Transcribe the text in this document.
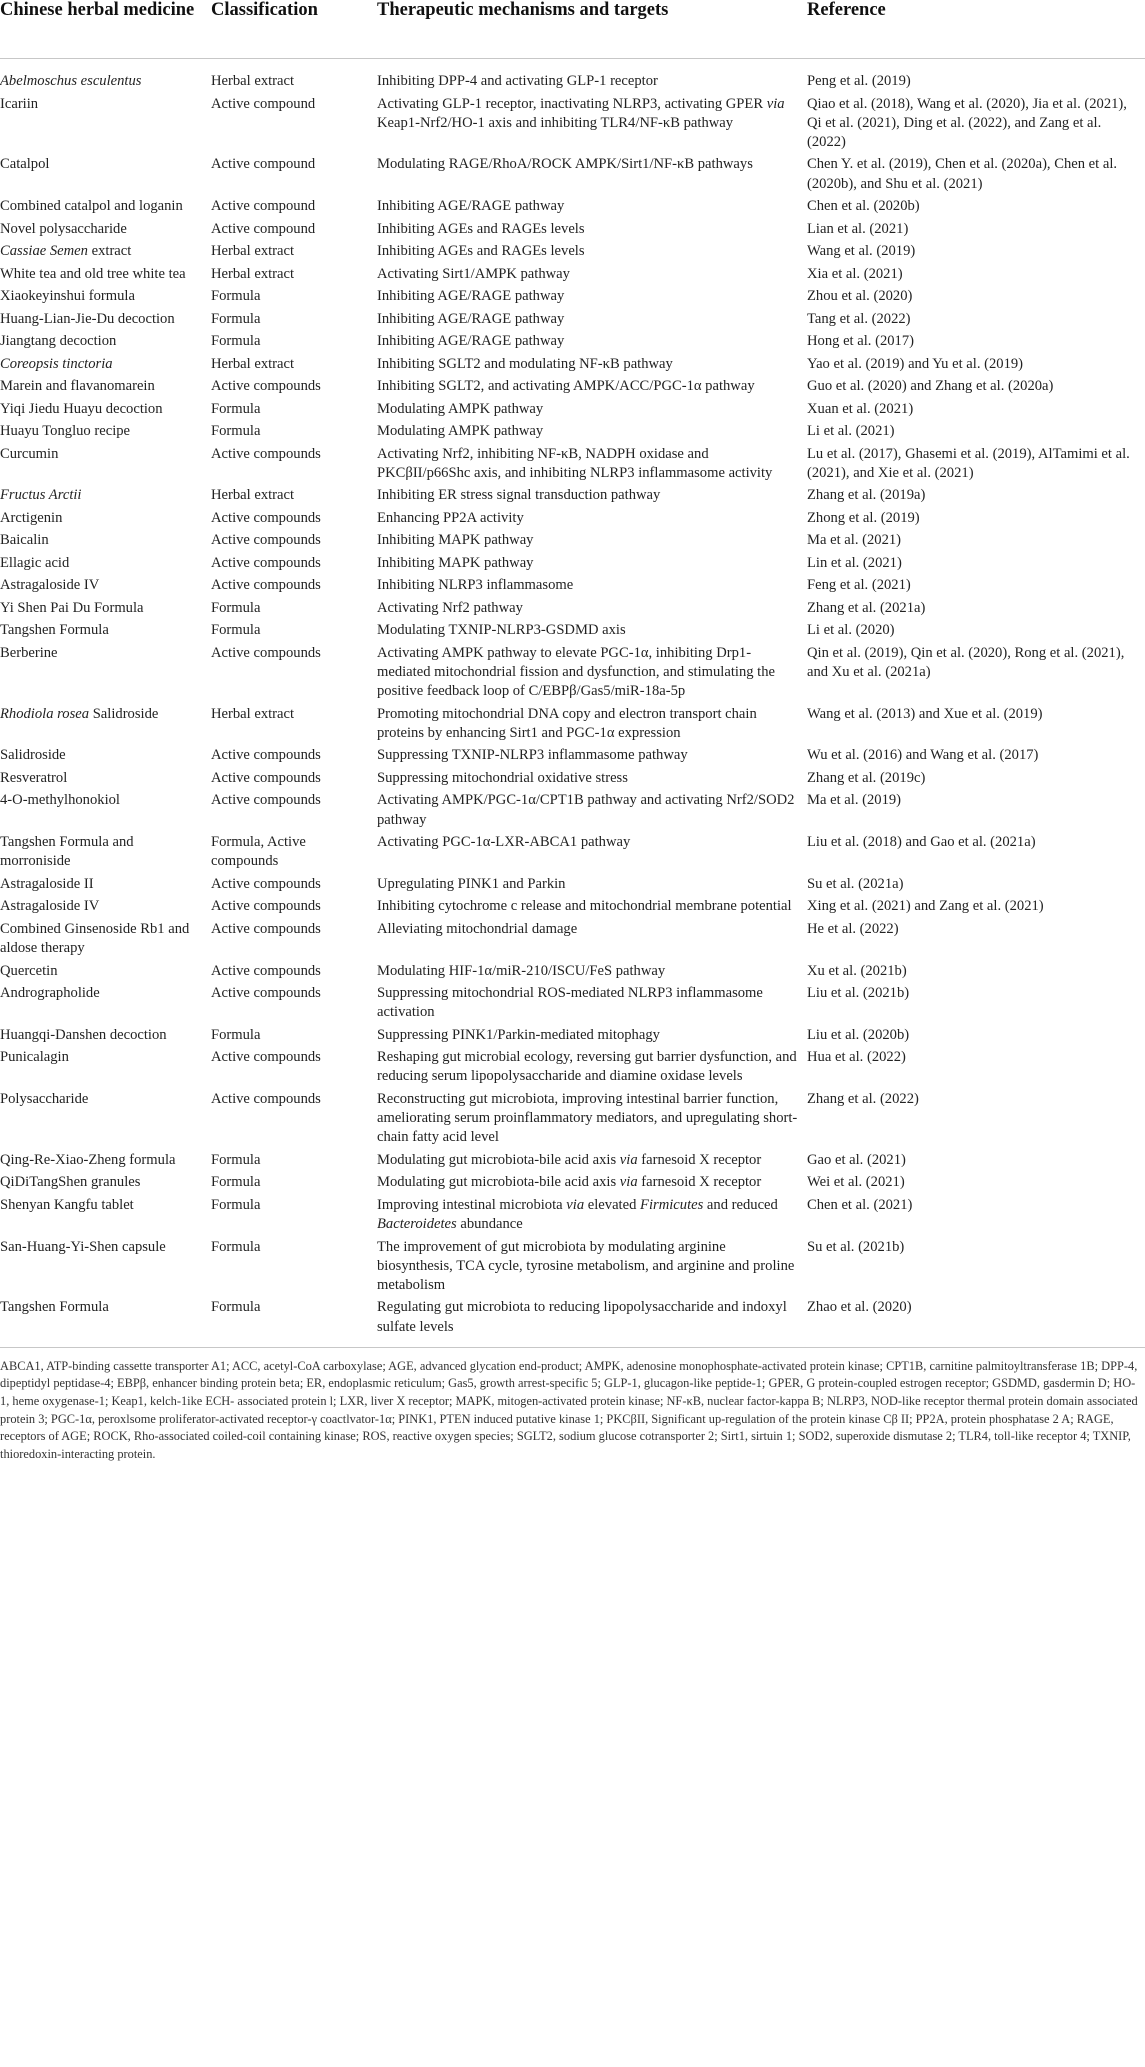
Chinese herbal medicine	Classification	Therapeutic mechanisms and targets	Reference
Abelmoschus esculentus	Herbal extract	Inhibiting DPP-4 and activating GLP-1 receptor	Peng et al. (2019)
Icariin	Active compound	Activating GLP-1 receptor, inactivating NLRP3, activating GPER via Keap1-Nrf2/HO-1 axis and inhibiting TLR4/NF-κB pathway	Qiao et al. (2018), Wang et al. (2020), Jia et al. (2021), Qi et al. (2021), Ding et al. (2022), and Zang et al. (2022)
Catalpol	Active compound	Modulating RAGE/RhoA/ROCK AMPK/Sirt1/NF-κB pathways	Chen Y. et al. (2019), Chen et al. (2020a), Chen et al. (2020b), and Shu et al. (2021)
Combined catalpol and loganin	Active compound	Inhibiting AGE/RAGE pathway	Chen et al. (2020b)
Novel polysaccharide	Active compound	Inhibiting AGEs and RAGEs levels	Lian et al. (2021)
Cassiae Semen extract	Herbal extract	Inhibiting AGEs and RAGEs levels	Wang et al. (2019)
White tea and old tree white tea	Herbal extract	Activating Sirt1/AMPK pathway	Xia et al. (2021)
Xiaokeyinshui formula	Formula	Inhibiting AGE/RAGE pathway	Zhou et al. (2020)
Huang-Lian-Jie-Du decoction	Formula	Inhibiting AGE/RAGE pathway	Tang et al. (2022)
Jiangtang decoction	Formula	Inhibiting AGE/RAGE pathway	Hong et al. (2017)
Coreopsis tinctoria	Herbal extract	Inhibiting SGLT2 and modulating NF-κB pathway	Yao et al. (2019) and Yu et al. (2019)
Marein and flavanomarein	Active compounds	Inhibiting SGLT2, and activating AMPK/ACC/PGC-1α pathway	Guo et al. (2020) and Zhang et al. (2020a)
Yiqi Jiedu Huayu decoction	Formula	Modulating AMPK pathway	Xuan et al. (2021)
Huayu Tongluo recipe	Formula	Modulating AMPK pathway	Li et al. (2021)
Curcumin	Active compounds	Activating Nrf2, inhibiting NF-κB, NADPH oxidase and PKCβII/p66Shc axis, and inhibiting NLRP3 inflammasome activity	Lu et al. (2017), Ghasemi et al. (2019), AlTamimi et al. (2021), and Xie et al. (2021)
Fructus Arctii	Herbal extract	Inhibiting ER stress signal transduction pathway	Zhang et al. (2019a)
Arctigenin	Active compounds	Enhancing PP2A activity	Zhong et al. (2019)
Baicalin	Active compounds	Inhibiting MAPK pathway	Ma et al. (2021)
Ellagic acid	Active compounds	Inhibiting MAPK pathway	Lin et al. (2021)
Astragaloside IV	Active compounds	Inhibiting NLRP3 inflammasome	Feng et al. (2021)
Yi Shen Pai Du Formula	Formula	Activating Nrf2 pathway	Zhang et al. (2021a)
Tangshen Formula	Formula	Modulating TXNIP-NLRP3-GSDMD axis	Li et al. (2020)
Berberine	Active compounds	Activating AMPK pathway to elevate PGC-1α, inhibiting Drp1-mediated mitochondrial fission and dysfunction, and stimulating the positive feedback loop of C/EBPβ/Gas5/miR-18a-5p	Qin et al. (2019), Qin et al. (2020), Rong et al. (2021), and Xu et al. (2021a)
Rhodiola rosea Salidroside	Herbal extract	Promoting mitochondrial DNA copy and electron transport chain proteins by enhancing Sirt1 and PGC-1α expression	Wang et al. (2013) and Xue et al. (2019)
Salidroside	Active compounds	Suppressing TXNIP-NLRP3 inflammasome pathway	Wu et al. (2016) and Wang et al. (2017)
Resveratrol	Active compounds	Suppressing mitochondrial oxidative stress	Zhang et al. (2019c)
4-O-methylhonokiol	Active compounds	Activating AMPK/PGC-1α/CPT1B pathway and activating Nrf2/SOD2 pathway	Ma et al. (2019)
Tangshen Formula and morroniside	Formula, Active compounds	Activating PGC-1α-LXR-ABCA1 pathway	Liu et al. (2018) and Gao et al. (2021a)
Astragaloside II	Active compounds	Upregulating PINK1 and Parkin	Su et al. (2021a)
Astragaloside IV	Active compounds	Inhibiting cytochrome c release and mitochondrial membrane potential	Xing et al. (2021) and Zang et al. (2021)
Combined Ginsenoside Rb1 and aldose therapy	Active compounds	Alleviating mitochondrial damage	He et al. (2022)
Quercetin	Active compounds	Modulating HIF-1α/miR-210/ISCU/FeS pathway	Xu et al. (2021b)
Andrographolide	Active compounds	Suppressing mitochondrial ROS-mediated NLRP3 inflammasome activation	Liu et al. (2021b)
Huangqi-Danshen decoction	Formula	Suppressing PINK1/Parkin-mediated mitophagy	Liu et al. (2020b)
Punicalagin	Active compounds	Reshaping gut microbial ecology, reversing gut barrier dysfunction, and reducing serum lipopolysaccharide and diamine oxidase levels	Hua et al. (2022)
Polysaccharide	Active compounds	Reconstructing gut microbiota, improving intestinal barrier function, ameliorating serum proinflammatory mediators, and upregulating short-chain fatty acid level	Zhang et al. (2022)
Qing-Re-Xiao-Zheng formula	Formula	Modulating gut microbiota-bile acid axis via farnesoid X receptor	Gao et al. (2021)
QiDiTangShen granules	Formula	Modulating gut microbiota-bile acid axis via farnesoid X receptor	Wei et al. (2021)
Shenyan Kangfu tablet	Formula	Improving intestinal microbiota via elevated Firmicutes and reduced Bacteroidetes abundance	Chen et al. (2021)
San-Huang-Yi-Shen capsule	Formula	The improvement of gut microbiota by modulating arginine biosynthesis, TCA cycle, tyrosine metabolism, and arginine and proline metabolism	Su et al. (2021b)
Tangshen Formula	Formula	Regulating gut microbiota to reducing lipopolysaccharide and indoxyl sulfate levels	Zhao et al. (2020)
ABCA1, ATP-binding cassette transporter A1; ACC, acetyl-CoA carboxylase; AGE, advanced glycation end-product; AMPK, adenosine monophosphate-activated protein kinase; CPT1B, carnitine palmitoyltransferase 1B; DPP-4, dipeptidyl peptidase-4; EBPβ, enhancer binding protein beta; ER, endoplasmic reticulum; Gas5, growth arrest-specific 5; GLP-1, glucagon-like peptide-1; GPER, G protein-coupled estrogen receptor; GSDMD, gasdermin D; HO-1, heme oxygenase-1; Keap1, kelch-1ike ECH- associated protein l; LXR, liver X receptor; MAPK, mitogen-activated protein kinase; NF-κB, nuclear factor-kappa B; NLRP3, NOD-like receptor thermal protein domain associated protein 3; PGC-1α, peroxlsome proliferator-activated receptor-γ coactlvator-1α; PINK1, PTEN induced putative kinase 1; PKCβII, Significant up-regulation of the protein kinase Cβ II; PP2A, protein phosphatase 2 A; RAGE, receptors of AGE; ROCK, Rho-associated coiled-coil containing kinase; ROS, reactive oxygen species; SGLT2, sodium glucose cotransporter 2; Sirt1, sirtuin 1; SOD2, superoxide dismutase 2; TLR4, toll-like receptor 4; TXNIP, thioredoxin-interacting protein.			
